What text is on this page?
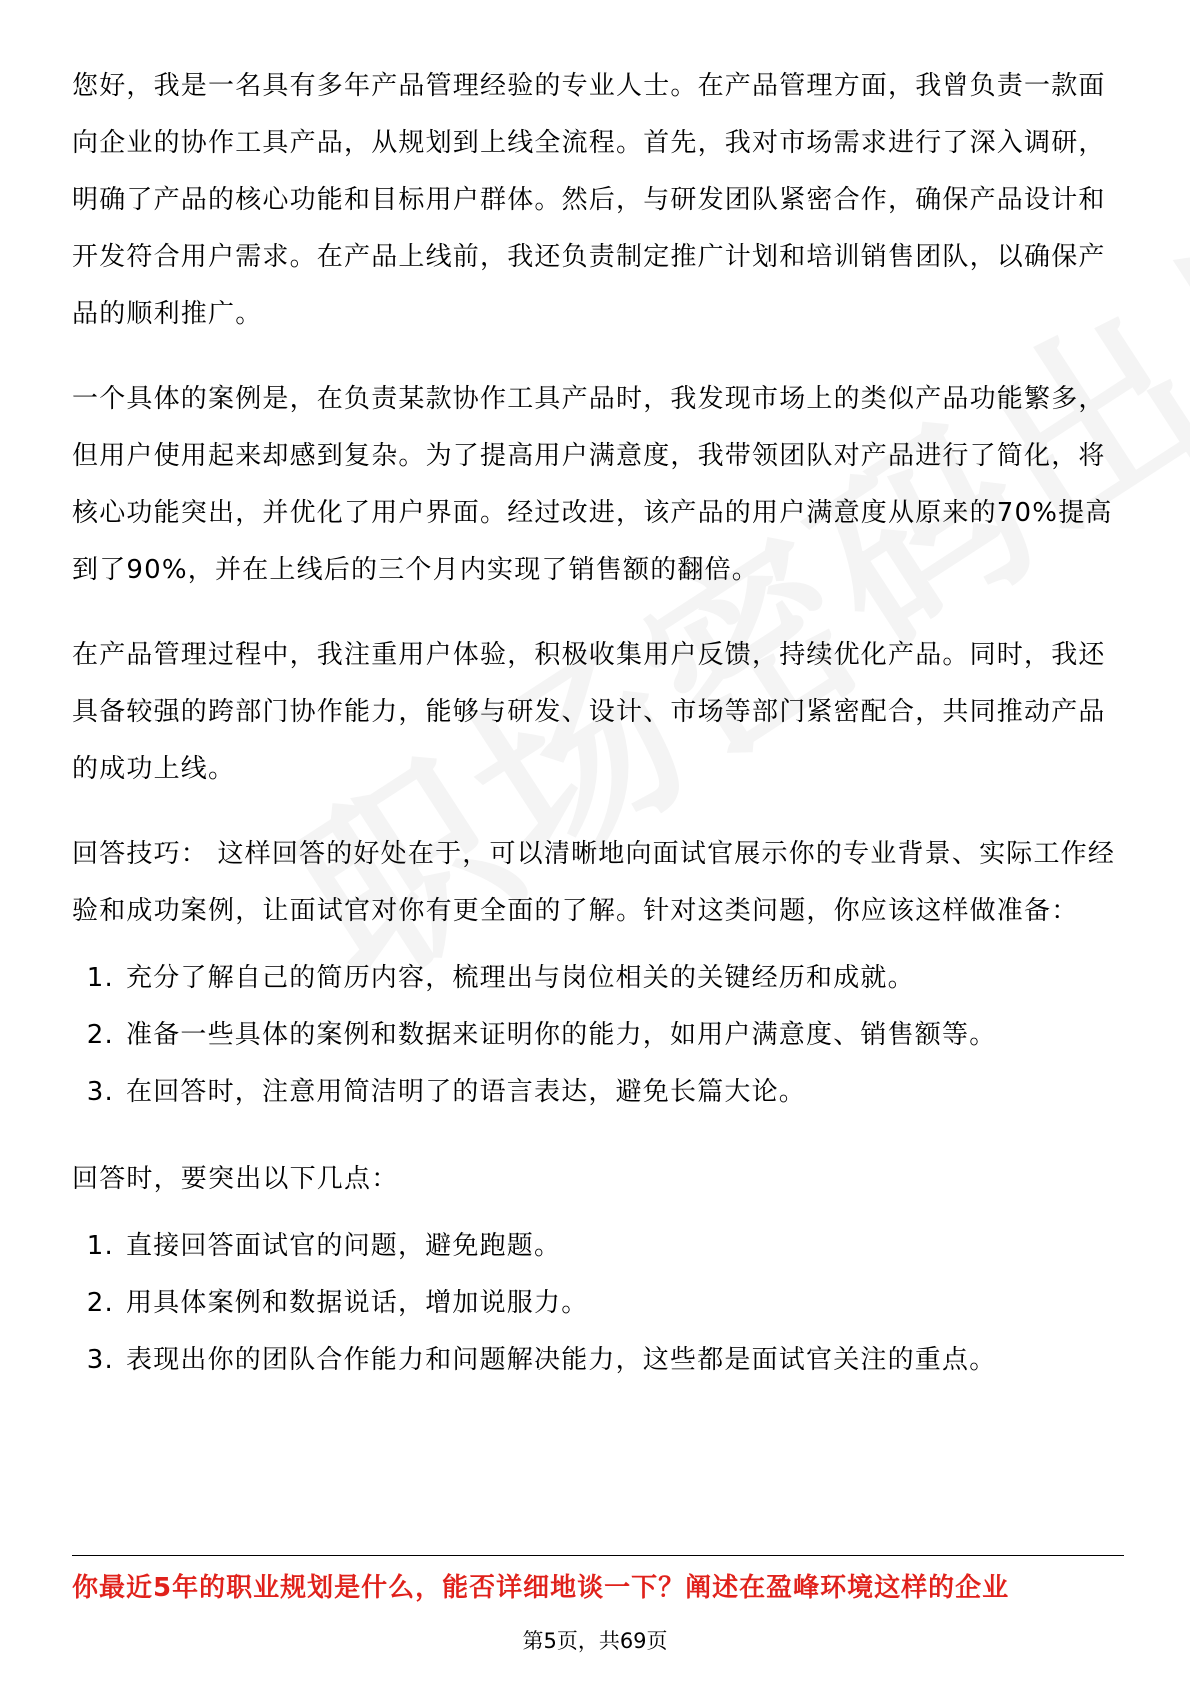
您好，我是一名具有多年产品管理经验的专业人士。在产品管理方面，我曾负责一款面向企业的协作工具产品，从规划到上线全流程。首先，我对市场需求进行了深入调研，明确了产品的核心功能和目标用户群体。然后，与研发团队紧密合作，确保产品设计和开发符合用户需求。在产品上线前，我还负责制定推广计划和培训销售团队，以确保产品的顺利推广。

一个具体的案例是，在负责某款协作工具产品时，我发现市场上的类似产品功能繁多，但用户使用起来却感到复杂。为了提高用户满意度，我带领团队对产品进行了简化，将核心功能突出，并优化了用户界面。经过改进，该产品的用户满意度从原来的70%提高到了90%，并在上线后的三个月内实现了销售额的翻倍。

在产品管理过程中，我注重用户体验，积极收集用户反馈，持续优化产品。同时，我还具备较强的跨部门协作能力，能够与研发、设计、市场等部门紧密配合，共同推动产品的成功上线。

回答技巧： 这样回答的好处在于，可以清晰地向面试官展示你的专业背景、实际工作经验和成功案例，让面试官对你有更全面的了解。针对这类问题，你应该这样做准备：

1. 充分了解自己的简历内容，梳理出与岗位相关的关键经历和成就。
2. 准备一些具体的案例和数据来证明你的能力，如用户满意度、销售额等。
3. 在回答时，注意用简洁明了的语言表达，避免长篇大论。

回答时，要突出以下几点：

1. 直接回答面试官的问题，避免跑题。
2. 用具体案例和数据说话，增加说服力。
3. 表现出你的团队合作能力和问题解决能力，这些都是面试官关注的重点。
你最近5年的职业规划是什么，能否详细地谈一下？阐述在盈峰环境这样的企业
第5页，共69页
